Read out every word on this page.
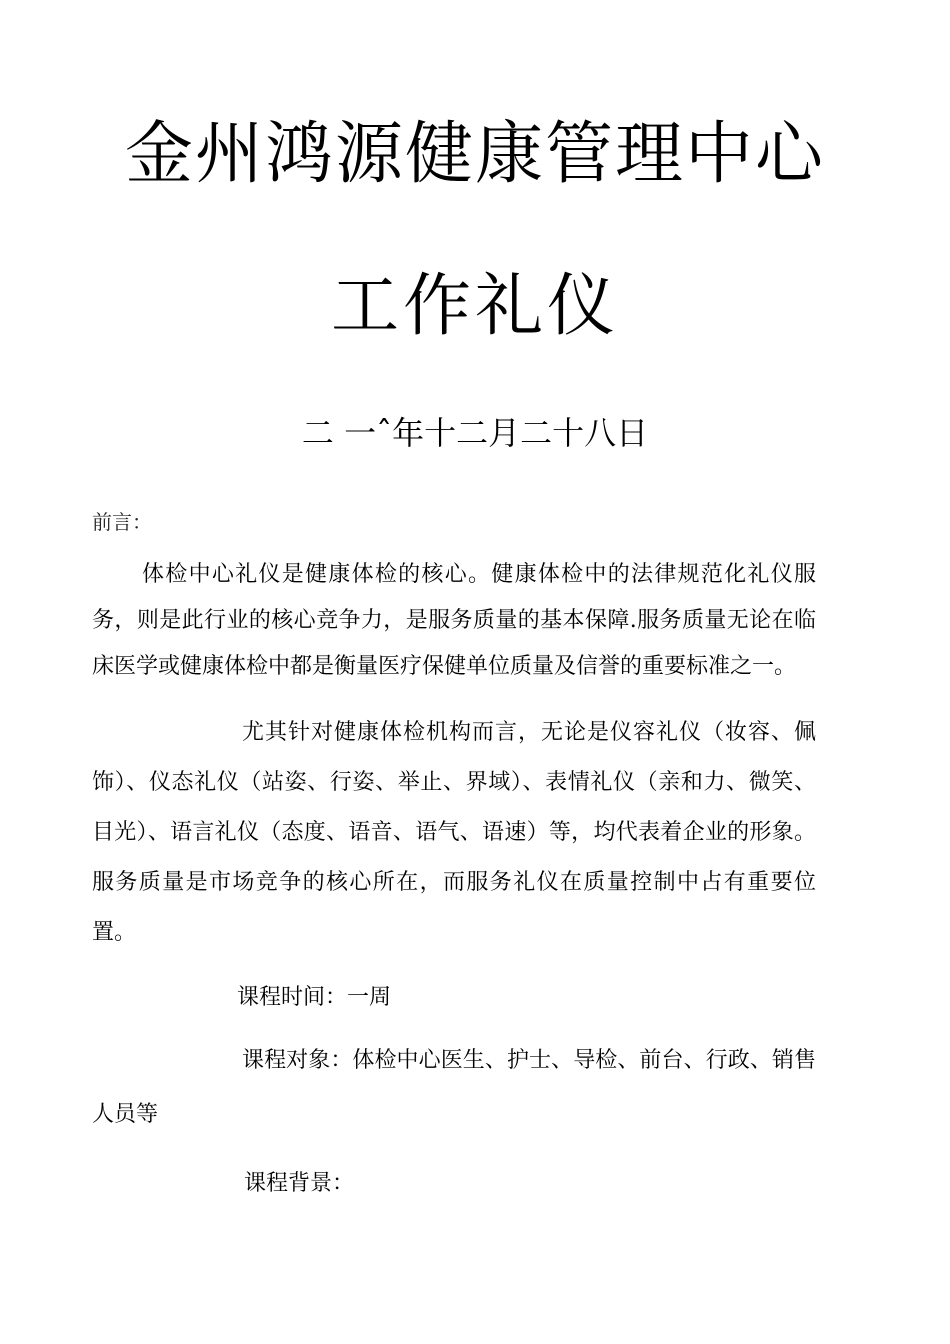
金州鸿源健康管理中心
工作礼仪
二 一ˆ年十二月二十八日

前言：

体检中心礼仪是健康体检的核心。健康体检中的法律规范化礼仪服务，则是此行业的核心竞争力，是服务质量的基本保障.服务质量无论在临床医学或健康体检中都是衡量医疗保健单位质量及信誉的重要标准之一。

尤其针对健康体检机构而言，无论是仪容礼仪（妆容、佩饰）、仪态礼仪（站姿、行姿、举止、界域）、表情礼仪（亲和力、微笑、目光）、语言礼仪（态度、语音、语气、语速）等，均代表着企业的形象。服务质量是市场竞争的核心所在，而服务礼仪在质量控制中占有重要位置。

课程时间：一周

课程对象：体检中心医生、护士、导检、前台、行政、销售人员等

课程背景：
